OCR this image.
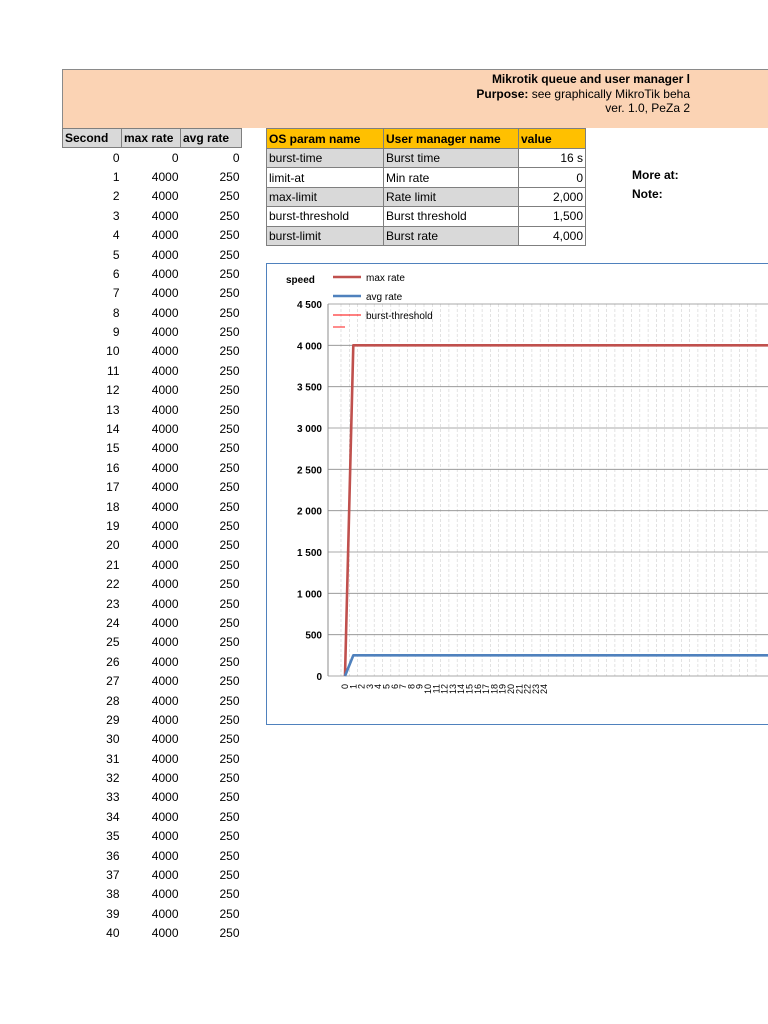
Mikrotik queue and user manager l
Purpose: see graphically MikroTik beha
ver. 1.0, PeZa 2
Second	max rate	avg rate
0	0	0
1	4000	250
2	4000	250
3	4000	250
4	4000	250
5	4000	250
6	4000	250
7	4000	250
8	4000	250
9	4000	250
10	4000	250
11	4000	250
12	4000	250
13	4000	250
14	4000	250
15	4000	250
16	4000	250
17	4000	250
18	4000	250
19	4000	250
20	4000	250
21	4000	250
22	4000	250
23	4000	250
24	4000	250
25	4000	250
26	4000	250
27	4000	250
28	4000	250
29	4000	250
30	4000	250
31	4000	250
32	4000	250
33	4000	250
34	4000	250
35	4000	250
36	4000	250
37	4000	250
38	4000	250
39	4000	250
40	4000	250
OS param name	User manager name	value
burst-time	Burst time	16 s
limit-at	Min rate	0
max-limit	Rate limit	2,000
burst-threshold	Burst threshold	1,500
burst-limit	Burst rate	4,000
More at:
Note:
0
500
1 000
1 500
2 000
2 500
3 000
3 500
4 000
4 500
0
1
2
3
4
5
6
7
8
9
10
11
12
13
14
15
16
17
18
19
20
21
22
23
24
speed	max rate
avg rate
burst-threshold
